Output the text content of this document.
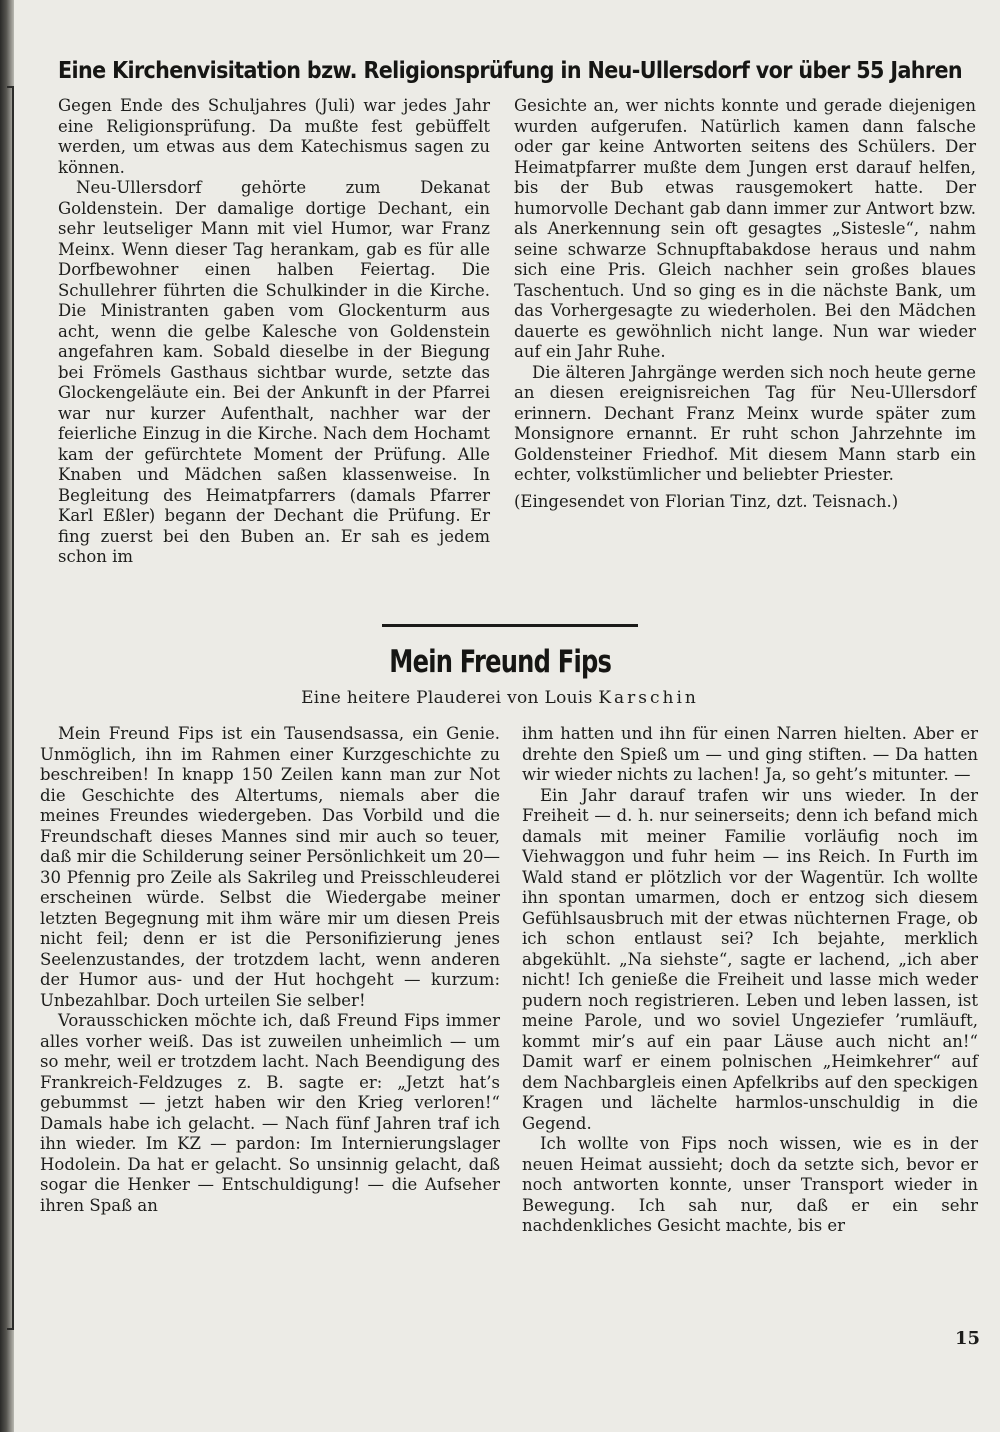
Eine Kirchenvisitation bzw. Religionsprüfung in Neu-Ullersdorf vor über 55 Jahren

Gegen Ende des Schuljahres (Juli) war jedes Jahr eine Religionsprüfung. Da mußte fest gebüffelt werden, um etwas aus dem Katechismus sagen zu können.

Neu-Ullersdorf gehörte zum Dekanat Goldenstein. Der damalige dortige Dechant, ein sehr leutseliger Mann mit viel Humor, war Franz Meinx. Wenn dieser Tag herankam, gab es für alle Dorfbewohner einen halben Feiertag. Die Schullehrer führten die Schulkinder in die Kirche. Die Ministranten gaben vom Glockenturm aus acht, wenn die gelbe Kalesche von Goldenstein angefahren kam. Sobald dieselbe in der Biegung bei Frömels Gasthaus sichtbar wurde, setzte das Glockengeläute ein. Bei der Ankunft in der Pfarrei war nur kurzer Aufenthalt, nachher war der feierliche Einzug in die Kirche. Nach dem Hochamt kam der gefürchtete Moment der Prüfung. Alle Knaben und Mädchen saßen klassenweise. In Begleitung des Heimatpfarrers (damals Pfarrer Karl Eßler) begann der Dechant die Prüfung. Er fing zuerst bei den Buben an. Er sah es jedem schon im

Gesichte an, wer nichts konnte und gerade diejenigen wurden aufgerufen. Natürlich kamen dann falsche oder gar keine Antworten seitens des Schülers. Der Heimatpfarrer mußte dem Jungen erst darauf helfen, bis der Bub etwas rausgemokert hatte. Der humorvolle Dechant gab dann immer zur Antwort bzw. als Anerkennung sein oft gesagtes „Sistesle“, nahm seine schwarze Schnupftabakdose heraus und nahm sich eine Pris. Gleich nachher sein großes blaues Taschentuch. Und so ging es in die nächste Bank, um das Vorhergesagte zu wiederholen. Bei den Mädchen dauerte es gewöhnlich nicht lange. Nun war wieder auf ein Jahr Ruhe.

Die älteren Jahrgänge werden sich noch heute gerne an diesen ereignisreichen Tag für Neu-Ullersdorf erinnern. Dechant Franz Meinx wurde später zum Monsignore ernannt. Er ruht schon Jahrzehnte im Goldensteiner Friedhof. Mit diesem Mann starb ein echter, volkstümlicher und beliebter Priester.

(Eingesendet von Florian Tinz, dzt. Teisnach.)

Mein Freund Fips
Eine heitere Plauderei von Louis Karschin

Mein Freund Fips ist ein Tausendsassa, ein Genie. Unmöglich, ihn im Rahmen einer Kurzgeschichte zu beschreiben! In knapp 150 Zeilen kann man zur Not die Geschichte des Altertums, niemals aber die meines Freundes wiedergeben. Das Vorbild und die Freundschaft dieses Mannes sind mir auch so teuer, daß mir die Schilderung seiner Persönlichkeit um 20—30 Pfennig pro Zeile als Sakrileg und Preisschleuderei erscheinen würde. Selbst die Wiedergabe meiner letzten Begegnung mit ihm wäre mir um diesen Preis nicht feil; denn er ist die Personifizierung jenes Seelenzustandes, der trotzdem lacht, wenn anderen der Humor aus- und der Hut hochgeht — kurzum: Unbezahlbar. Doch urteilen Sie selber!

Vorausschicken möchte ich, daß Freund Fips immer alles vorher weiß. Das ist zuweilen unheimlich — um so mehr, weil er trotzdem lacht. Nach Beendigung des Frankreich-Feldzuges z. B. sagte er: „Jetzt hat’s gebummst — jetzt haben wir den Krieg verloren!“ Damals habe ich gelacht. — Nach fünf Jahren traf ich ihn wieder. Im KZ — pardon: Im Internierungslager Hodolein. Da hat er gelacht. So unsinnig gelacht, daß sogar die Henker — Entschuldigung! — die Aufseher ihren Spaß an

ihm hatten und ihn für einen Narren hielten. Aber er drehte den Spieß um — und ging stiften. — Da hatten wir wieder nichts zu lachen! Ja, so geht’s mitunter. —

Ein Jahr darauf trafen wir uns wieder. In der Freiheit — d. h. nur seinerseits; denn ich befand mich damals mit meiner Familie vorläufig noch im Viehwaggon und fuhr heim — ins Reich. In Furth im Wald stand er plötzlich vor der Wagentür. Ich wollte ihn spontan umarmen, doch er entzog sich diesem Gefühlsausbruch mit der etwas nüchternen Frage, ob ich schon entlaust sei? Ich bejahte, merklich abgekühlt. „Na siehste“, sagte er lachend, „ich aber nicht! Ich genieße die Freiheit und lasse mich weder pudern noch registrieren. Leben und leben lassen, ist meine Parole, und wo soviel Ungeziefer ’rumläuft, kommt mir’s auf ein paar Läuse auch nicht an!“ Damit warf er einem polnischen „Heimkehrer“ auf dem Nachbargleis einen Apfelkribs auf den speckigen Kragen und lächelte harmlos-unschuldig in die Gegend.

Ich wollte von Fips noch wissen, wie es in der neuen Heimat aussieht; doch da setzte sich, bevor er noch antworten konnte, unser Transport wieder in Bewegung. Ich sah nur, daß er ein sehr nachdenkliches Gesicht machte, bis er

15
